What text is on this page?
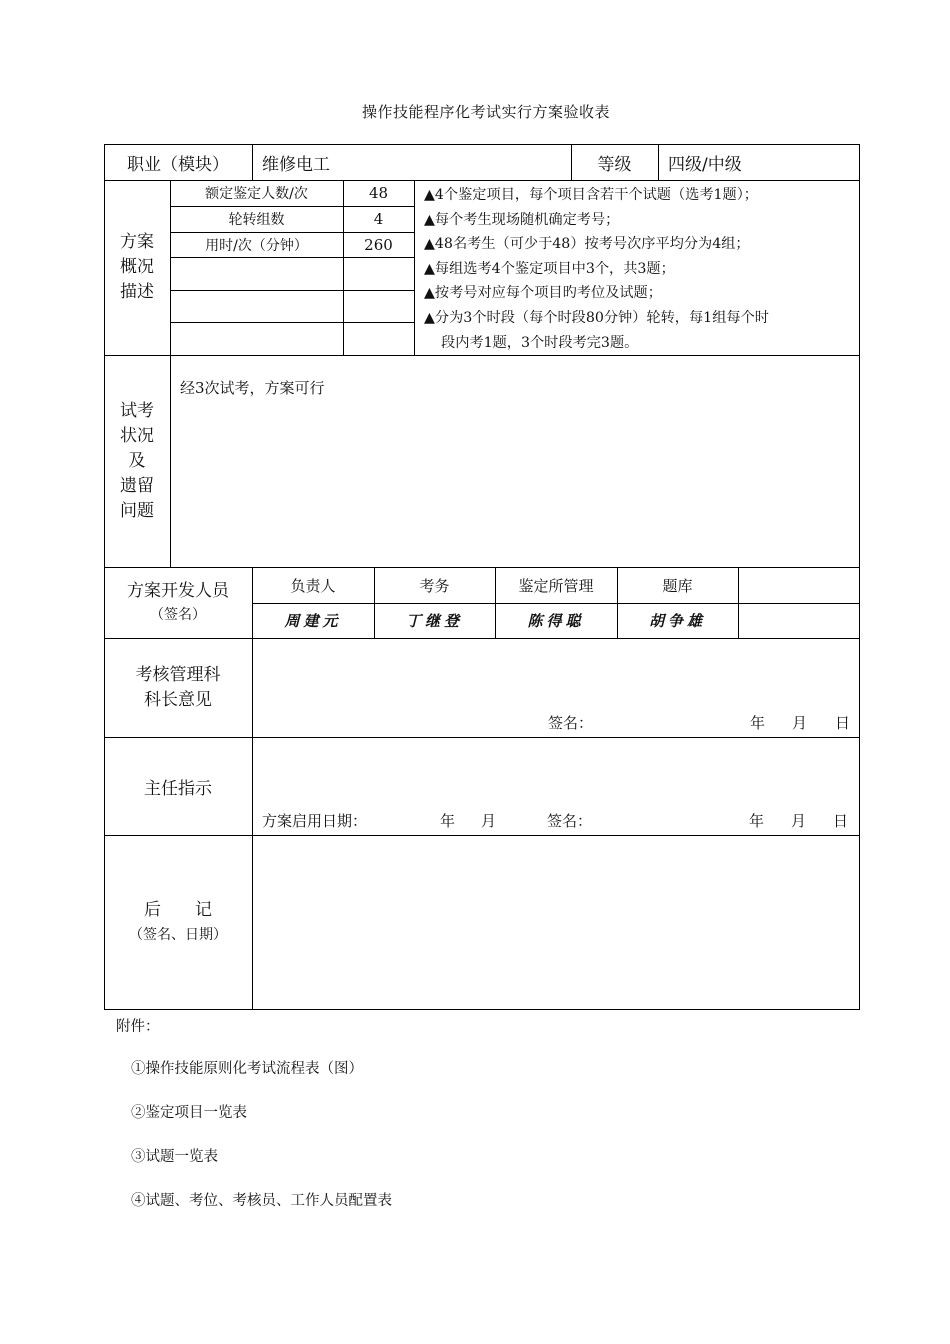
操作技能程序化考试实行方案验收表
职业（模块）	维修电工	等级	四级/中级
方案
概况
描述
额定鉴定人数/次	48
轮转组数	4
用时/次（分钟）	260
▲4个鉴定项目，每个项目含若干个试题（选考1题）；
▲每个考生现场随机确定考号；
▲48名考生（可少于48）按考号次序平均分为4组；
▲每组选考4个鉴定项目中3个，共3题；
▲按考号对应每个项目旳考位及试题；
▲分为3个时段（每个时段80分钟）轮转，每1组每个时
段内考1题，3个时段考完3题。
试考
状况
及
遗留
问题
经3次试考，方案可行
方案开发人员
（签名）
负责人	考务	鉴定所管理	题库
周建元	丁继登	陈得聪	胡争雄
考核管理科
科长意见
签名：	年 月 日
主任指示
方案启用日期：	年 月	签名：	年 月 日
后　　记
（签名、日期）
附件：
①操作技能原则化考试流程表（图）
②鉴定项目一览表
③试题一览表
④试题、考位、考核员、工作人员配置表
